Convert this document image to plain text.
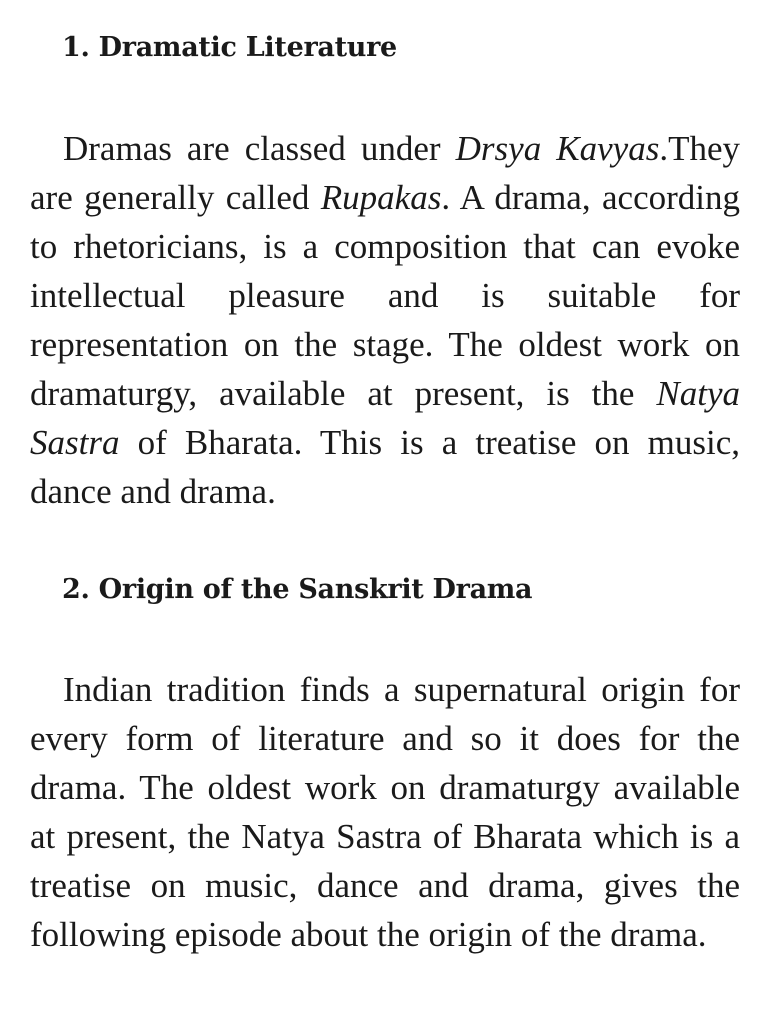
1. Dramatic Literature

Dramas are classed under Drsya Kavyas.They are generally called Rupakas. A drama, according to rhetoricians, is a composition that can evoke intellectual pleasure and is suitable for representation on the stage. The oldest work on dramaturgy, available at present, is the Natya Sastra of Bharata. This is a treatise on music, dance and drama.

2. Origin of the Sanskrit Drama

Indian tradition finds a supernatural origin for every form of literature and so it does for the drama. The oldest work on dramaturgy available at present, the Natya Sastra of Bharata which is a treatise on music, dance and drama, gives the following episode about the origin of the drama.
